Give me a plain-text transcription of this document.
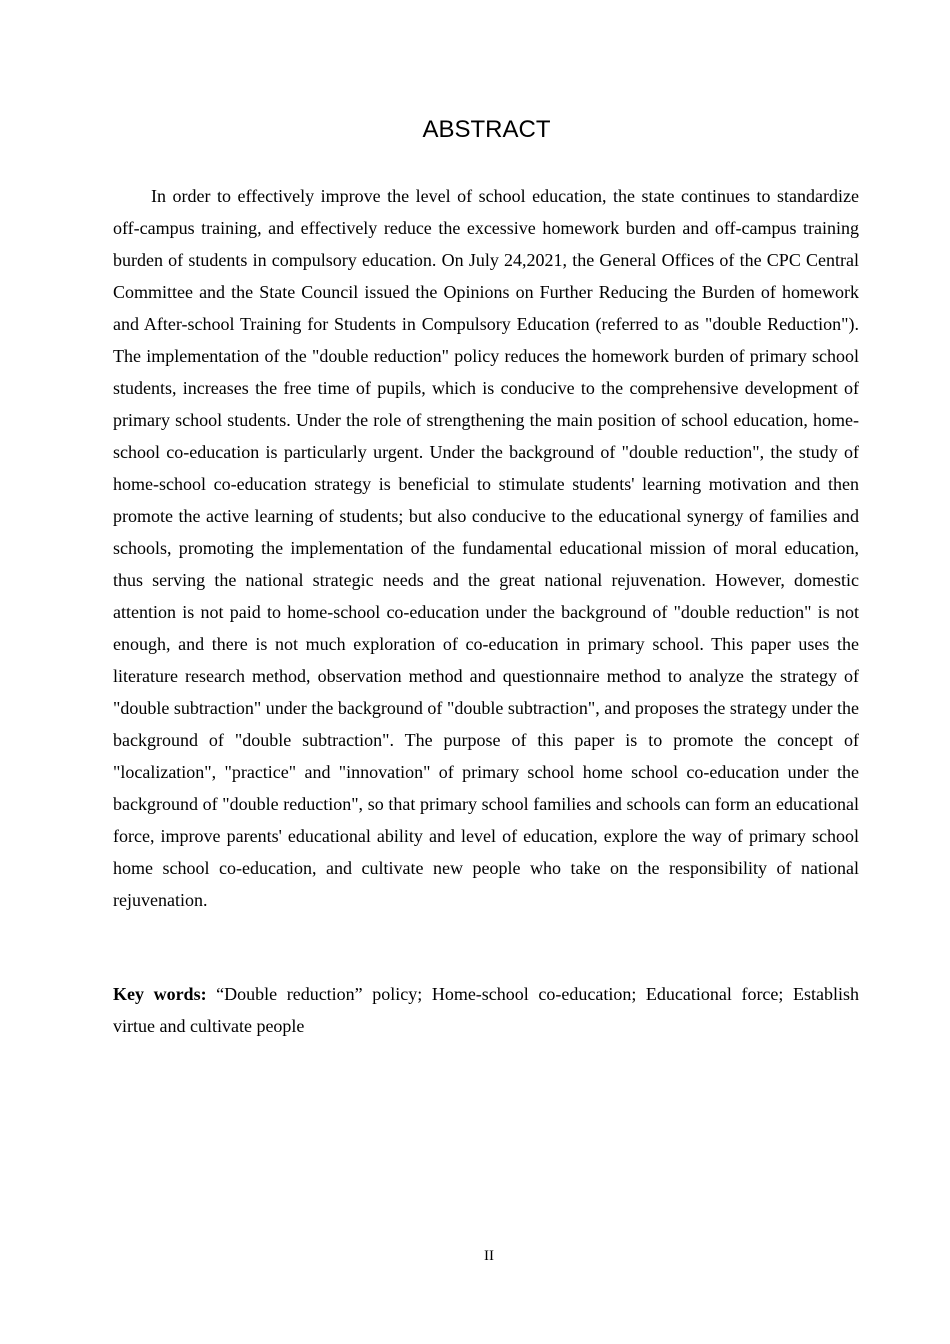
ABSTRACT

In order to effectively improve the level of school education, the state continues to standardize off-campus training, and effectively reduce the excessive homework burden and off-campus training burden of students in compulsory education. On July 24,2021, the General Offices of the CPC Central Committee and the State Council issued the Opinions on Further Reducing the Burden of homework and After-school Training for Students in Compulsory Education (referred to as "double Reduction"). The implementation of the "double reduction" policy reduces the homework burden of primary school students, increases the free time of pupils, which is conducive to the comprehensive development of primary school students. Under the role of strengthening the main position of school education, home-school co-education is particularly urgent. Under the background of "double reduction", the study of home-school co-education strategy is beneficial to stimulate students' learning motivation and then promote the active learning of students; but also conducive to the educational synergy of families and schools, promoting the implementation of the fundamental educational mission of moral education, thus serving the national strategic needs and the great national rejuvenation. However, domestic attention is not paid to home-school co-education under the background of "double reduction" is not enough, and there is not much exploration of co-education in primary school. This paper uses the literature research method, observation method and questionnaire method to analyze the strategy of "double subtraction" under the background of "double subtraction", and proposes the strategy under the background of "double subtraction". The purpose of this paper is to promote the concept of "localization", "practice" and "innovation" of primary school home school co-education under the background of "double reduction", so that primary school families and schools can form an educational force, improve parents' educational ability and level of education, explore the way of primary school home school co-education, and cultivate new people who take on the responsibility of national rejuvenation.

Key words: “Double reduction” policy; Home-school co-education; Educational force; Establish virtue and cultivate people

II
